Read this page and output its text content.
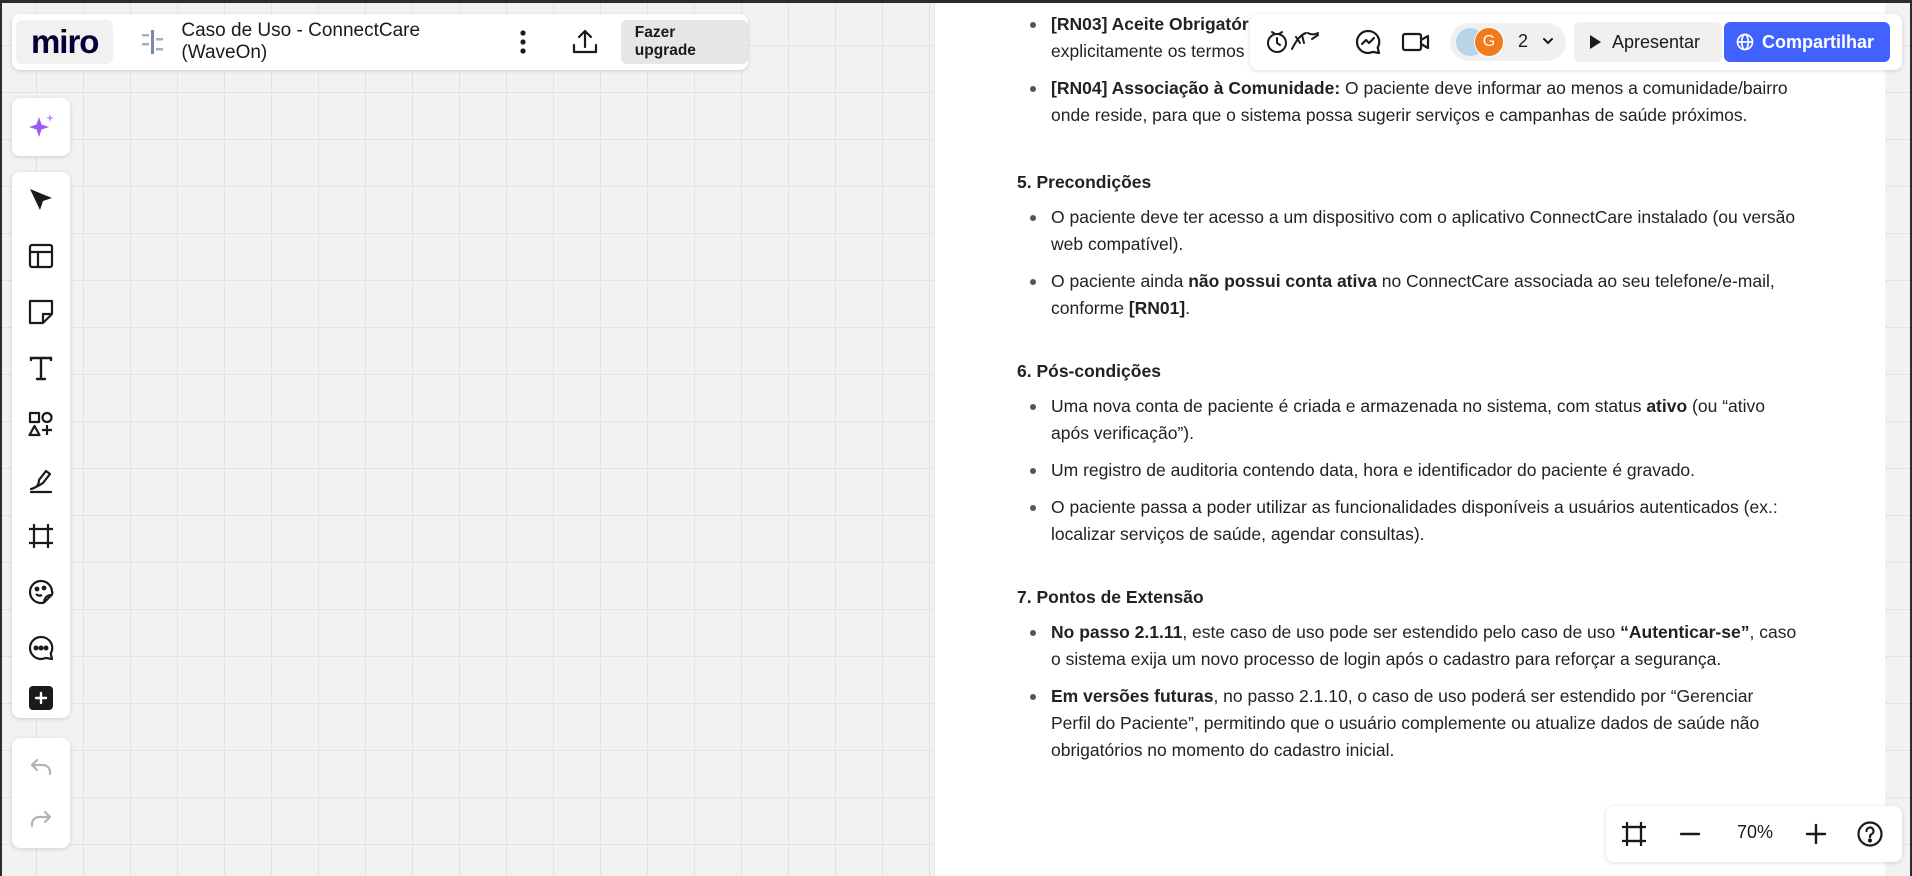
[RN03] Aceite Obrigatór
explicitamente os termos
[RN04] Associação à Comunidade: O paciente deve informar ao menos a comunidade/bairro onde reside, para que o sistema possa sugerir serviços e campanhas de saúde próximos.
5. Precondições
O paciente deve ter acesso a um dispositivo com o aplicativo ConnectCare instalado (ou versão web compatível).
O paciente ainda não possui conta ativa no ConnectCare associada ao seu telefone/e-mail, conforme [RN01].
6. Pós-condições
Uma nova conta de paciente é criada e armazenada no sistema, com status ativo (ou “ativo após verificação”).
Um registro de auditoria contendo data, hora e identificador do paciente é gravado.
O paciente passa a poder utilizar as funcionalidades disponíveis a usuários autenticados (ex.: localizar serviços de saúde, agendar consultas).
7. Pontos de Extensão
No passo 2.1.11, este caso de uso pode ser estendido pelo caso de uso “Autenticar-se”, caso o sistema exija um novo processo de login após o cadastro para reforçar a segurança.
Em versões futuras, no passo 2.1.10, o caso de uso poderá ser estendido por “Gerenciar Perfil do Paciente”, permitindo que o usuário complemente ou atualize dados de saúde não obrigatórios no momento do cadastro inicial.
miro	Caso de Uso - ConnectCare (WaveOn)
Fazer upgrade
G	2	Apresentar	Compartilhar
70%
